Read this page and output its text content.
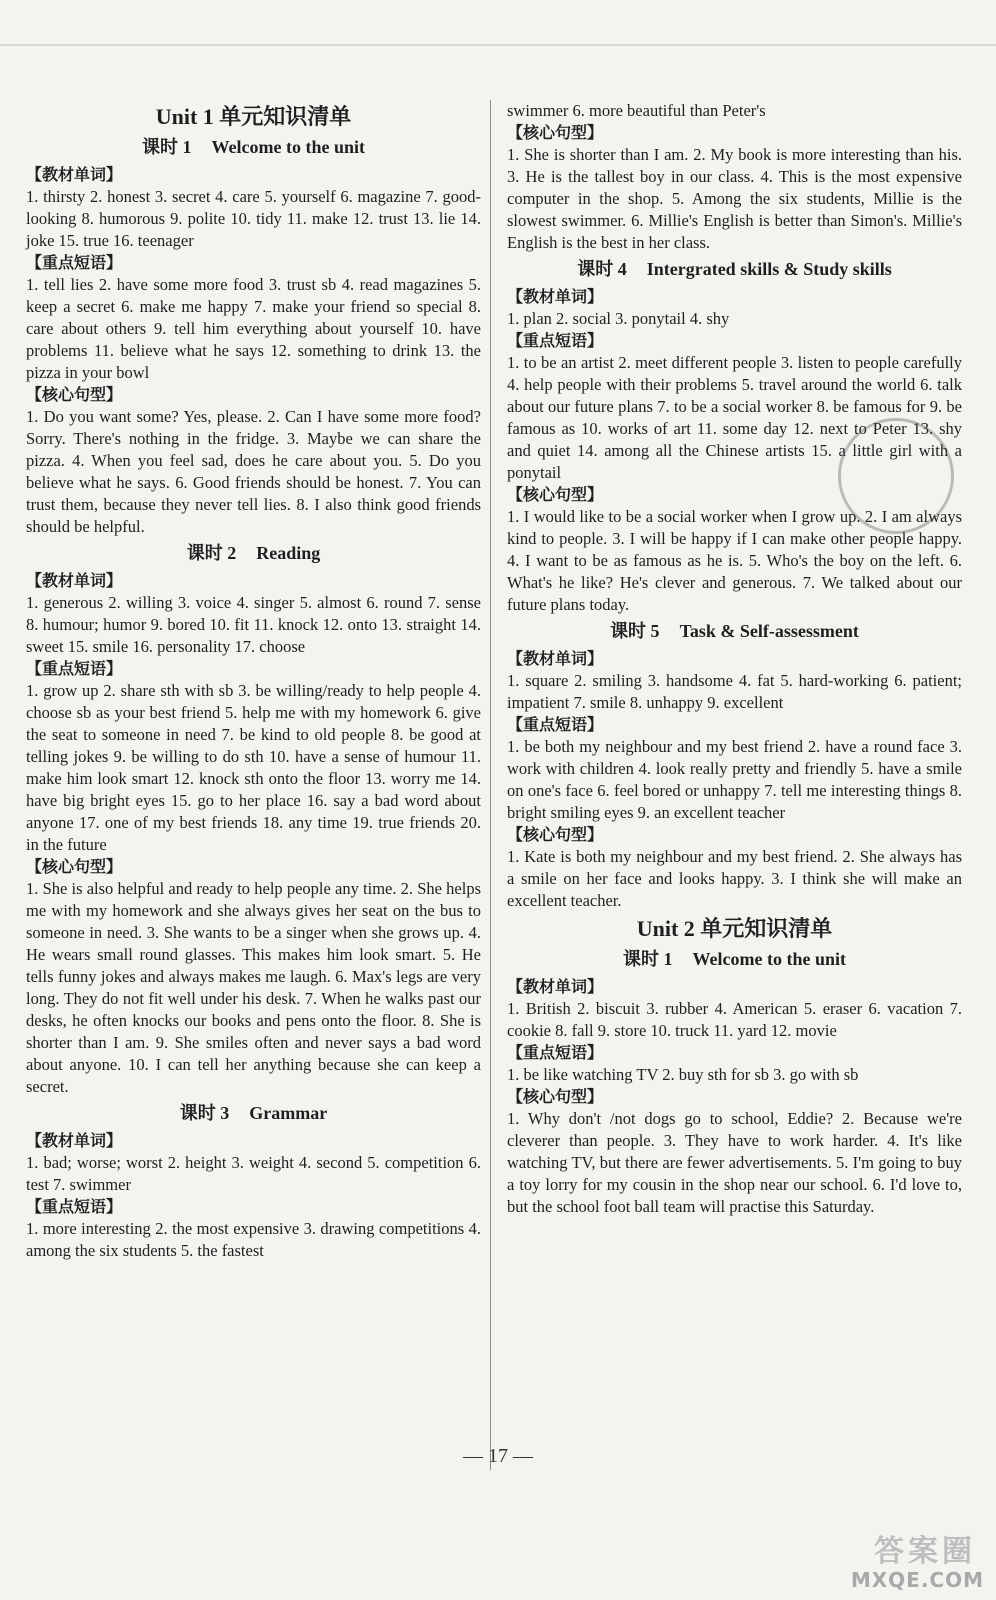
Unit 1 单元知识清单
课时 1 Welcome to the unit
【教材单词】
1. thirsty 2. honest 3. secret 4. care 5. yourself 6. magazine 7. good-looking 8. humorous 9. polite 10. tidy 11. make 12. trust 13. lie 14. joke 15. true 16. teenager
【重点短语】
1. tell lies 2. have some more food 3. trust sb 4. read magazines 5. keep a secret 6. make me happy 7. make your friend so special 8. care about others 9. tell him everything about yourself 10. have problems 11. believe what he says 12. something to drink 13. the pizza in your bowl
【核心句型】
1. Do you want some? Yes, please. 2. Can I have some more food? Sorry. There's nothing in the fridge. 3. Maybe we can share the pizza. 4. When you feel sad, does he care about you. 5. Do you believe what he says. 6. Good friends should be honest. 7. You can trust them, because they never tell lies. 8. I also think good friends should be helpful.
课时 2 Reading
【教材单词】
1. generous 2. willing 3. voice 4. singer 5. almost 6. round 7. sense 8. humour; humor 9. bored 10. fit 11. knock 12. onto 13. straight 14. sweet 15. smile 16. personality 17. choose
【重点短语】
1. grow up 2. share sth with sb 3. be willing/ready to help people 4. choose sb as your best friend 5. help me with my homework 6. give the seat to someone in need 7. be kind to old people 8. be good at telling jokes 9. be willing to do sth 10. have a sense of humour 11. make him look smart 12. knock sth onto the floor 13. worry me 14. have big bright eyes 15. go to her place 16. say a bad word about anyone 17. one of my best friends 18. any time 19. true friends 20. in the future
【核心句型】
1. She is also helpful and ready to help people any time. 2. She helps me with my homework and she always gives her seat on the bus to someone in need. 3. She wants to be a singer when she grows up. 4. He wears small round glasses. This makes him look smart. 5. He tells funny jokes and always makes me laugh. 6. Max's legs are very long. They do not fit well under his desk. 7. When he walks past our desks, he often knocks our books and pens onto the floor. 8. She is shorter than I am. 9. She smiles often and never says a bad word about anyone. 10. I can tell her anything because she can keep a secret.
课时 3 Grammar
【教材单词】
1. bad; worse; worst 2. height 3. weight 4. second 5. competition 6. test 7. swimmer
【重点短语】
1. more interesting 2. the most expensive 3. drawing competitions 4. among the six students 5. the fastest
swimmer 6. more beautiful than Peter's
【核心句型】
1. She is shorter than I am. 2. My book is more interesting than his. 3. He is the tallest boy in our class. 4. This is the most expensive computer in the shop. 5. Among the six students, Millie is the slowest swimmer. 6. Millie's English is better than Simon's. Millie's English is the best in her class.
课时 4 Intergrated skills & Study skills
【教材单词】
1. plan 2. social 3. ponytail 4. shy
【重点短语】
1. to be an artist 2. meet different people 3. listen to people carefully 4. help people with their problems 5. travel around the world 6. talk about our future plans 7. to be a social worker 8. be famous for 9. be famous as 10. works of art 11. some day 12. next to Peter 13. shy and quiet 14. among all the Chinese artists 15. a little girl with a ponytail
【核心句型】
1. I would like to be a social worker when I grow up. 2. I am always kind to people. 3. I will be happy if I can make other people happy. 4. I want to be as famous as he is. 5. Who's the boy on the left. 6. What's he like? He's clever and generous. 7. We talked about our future plans today.
课时 5 Task & Self-assessment
【教材单词】
1. square 2. smiling 3. handsome 4. fat 5. hard-working 6. patient; impatient 7. smile 8. unhappy 9. excellent
【重点短语】
1. be both my neighbour and my best friend 2. have a round face 3. work with children 4. look really pretty and friendly 5. have a smile on one's face 6. feel bored or unhappy 7. tell me interesting things 8. bright smiling eyes 9. an excellent teacher
【核心句型】
1. Kate is both my neighbour and my best friend. 2. She always has a smile on her face and looks happy. 3. I think she will make an excellent teacher.
Unit 2 单元知识清单
课时 1 Welcome to the unit
【教材单词】
1. British 2. biscuit 3. rubber 4. American 5. eraser 6. vacation 7. cookie 8. fall 9. store 10. truck 11. yard 12. movie
【重点短语】
1. be like watching TV 2. buy sth for sb 3. go with sb
【核心句型】
1. Why don't /not dogs go to school, Eddie? 2. Because we're cleverer than people. 3. They have to work harder. 4. It's like watching TV, but there are fewer advertisements. 5. I'm going to buy a toy lorry for my cousin in the shop near our school. 6. I'd love to, but the school foot ball team will practise this Saturday.
— 17 —
答案圈
MXQE.COM
